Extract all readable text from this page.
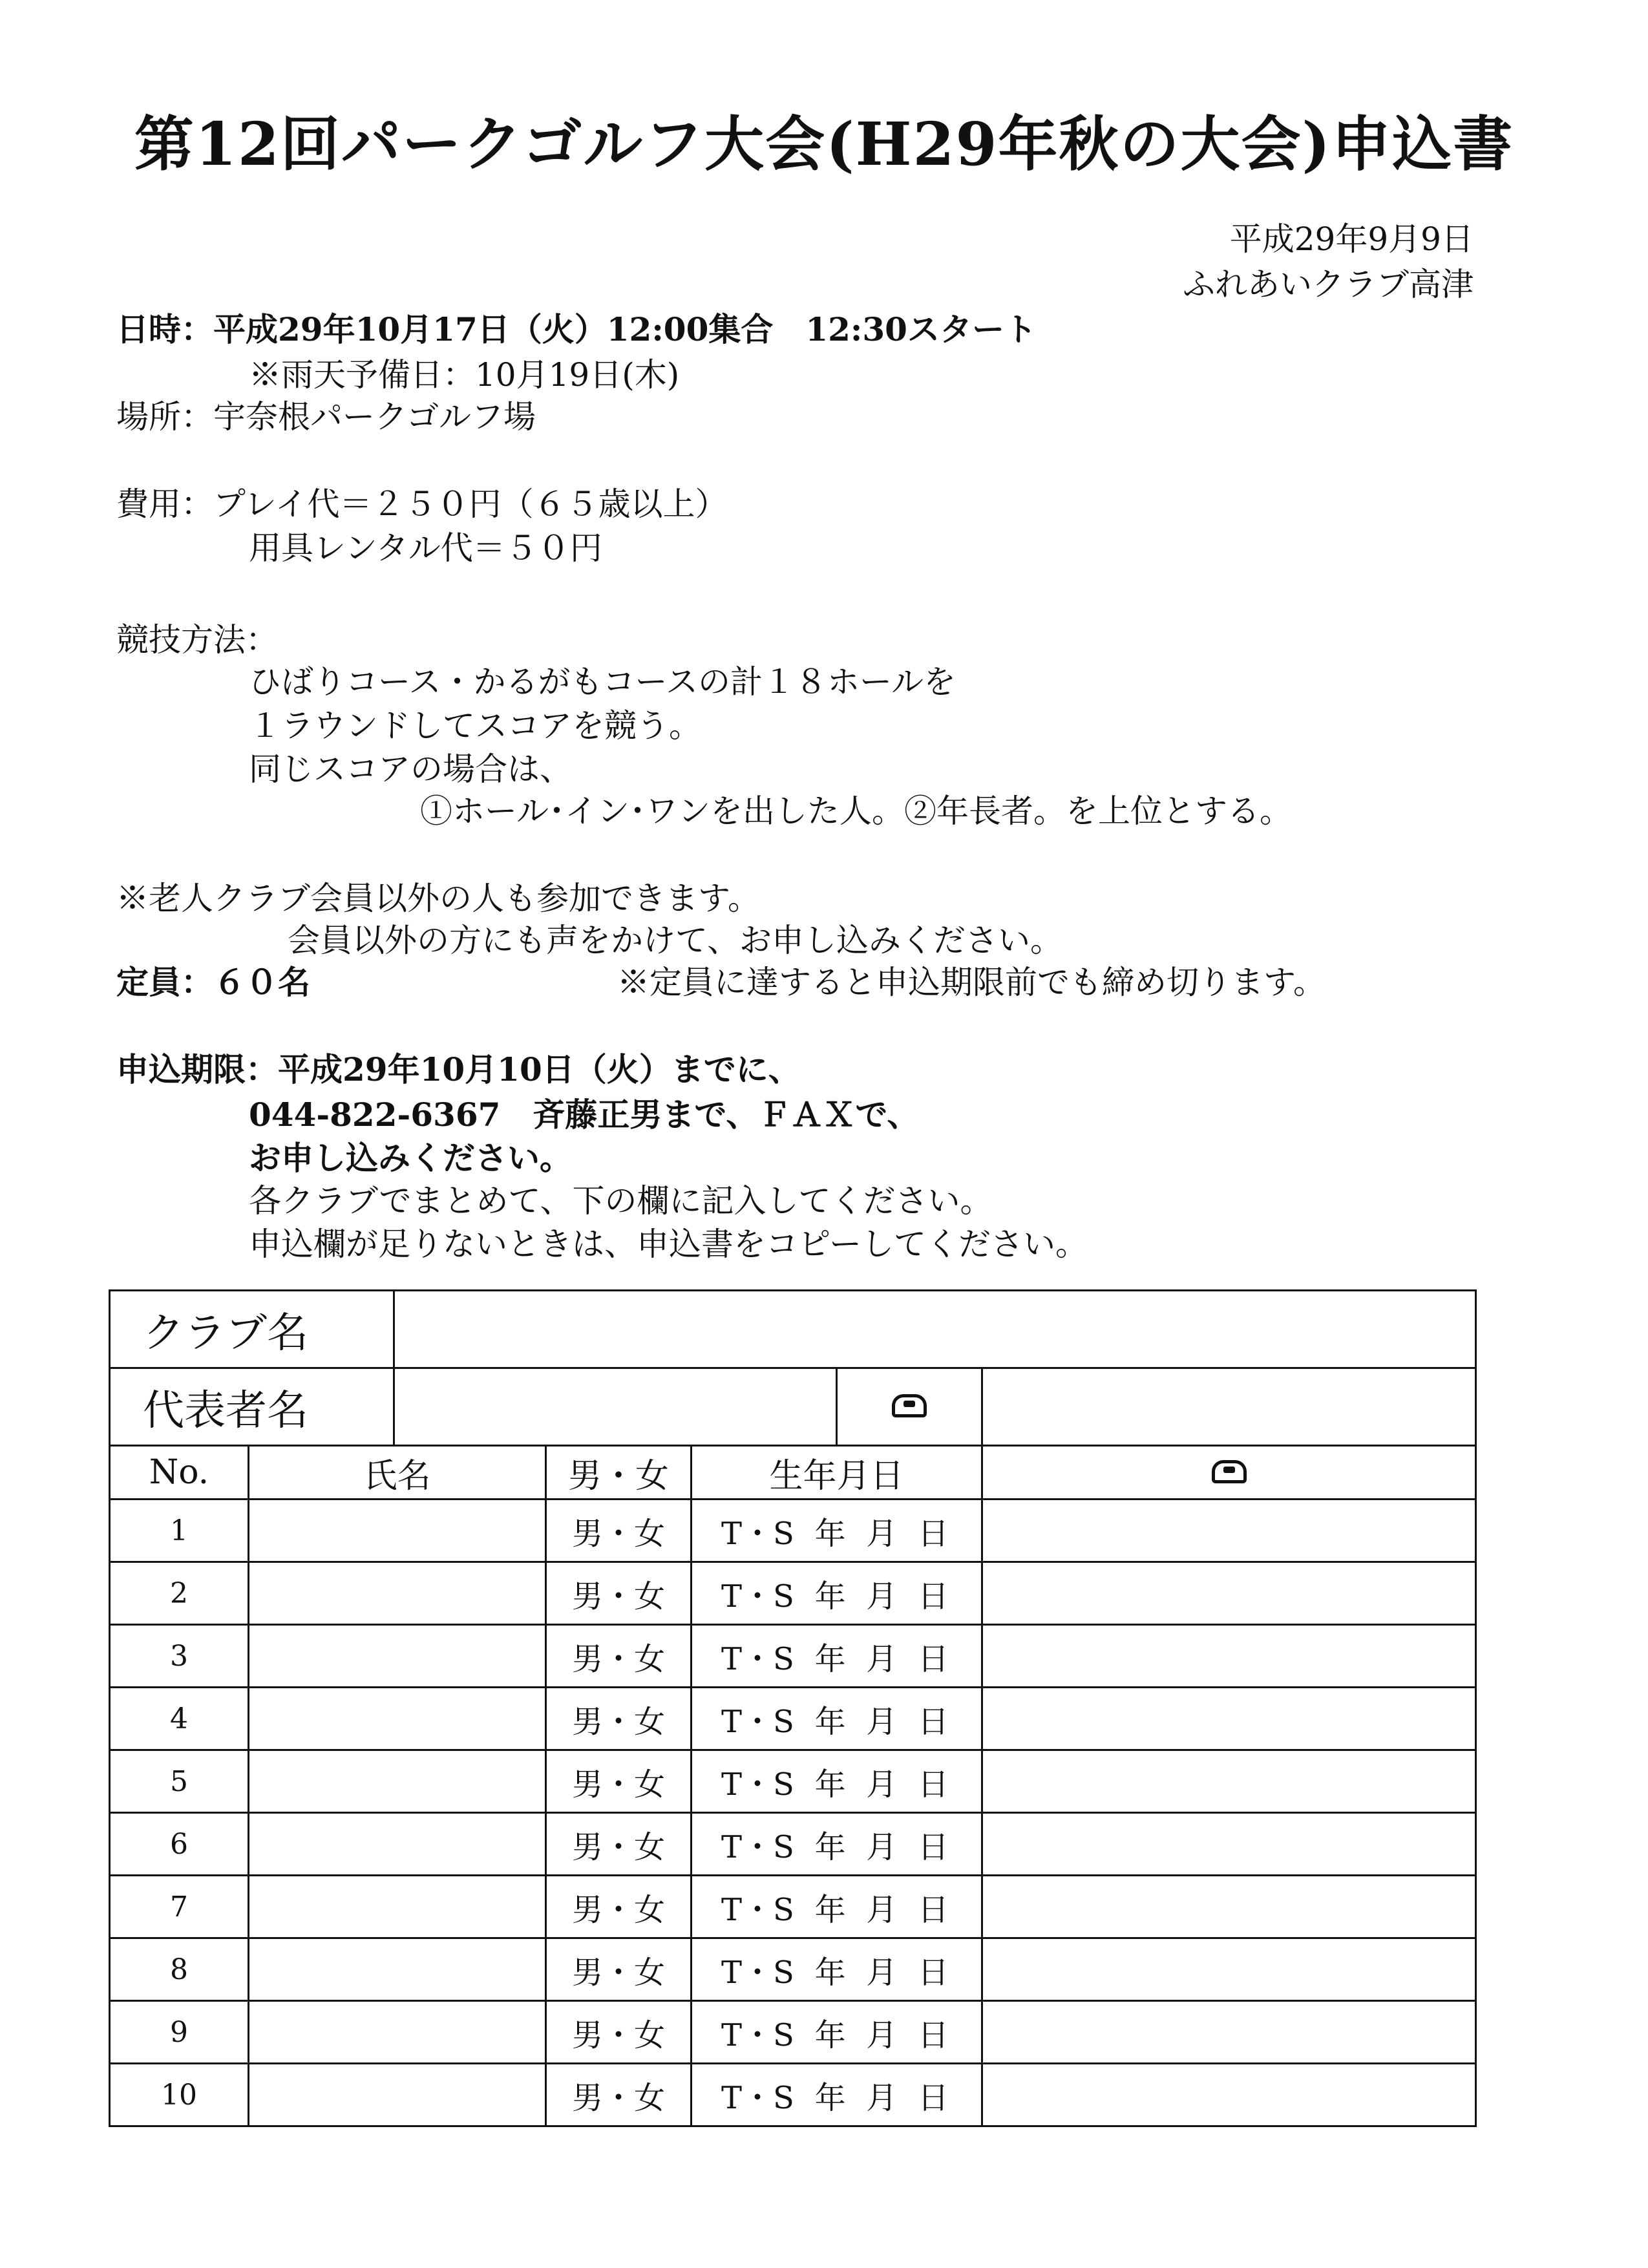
第12回パークゴルフ大会(H29年秋の大会)申込書
平成29年9月9日
ふれあいクラブ高津
日時：平成29年10月17日（火）12:00集合　12:30スタート
※雨天予備日：10月19日(木)
場所：宇奈根パークゴルフ場
費用：プレイ代＝２５０円（６５歳以上）
用具レンタル代＝５０円
競技方法：
ひばりコース・かるがもコースの計１８ホールを
１ラウンドしてスコアを競う。
同じスコアの場合は、
①ホール･イン･ワンを出した人。②年長者。を上位とする。
※老人クラブ会員以外の人も参加できます。
会員以外の方にも声をかけて、お申し込みください。
定員：６０名	※定員に達すると申込期限前でも締め切ります。
申込期限：平成29年10月10日（火）までに、
044-822-6367　斉藤正男まで、ＦＡＸで、
お申し込みください。
各クラブでまとめて、下の欄に記入してください。
申込欄が足りないときは、申込書をコピーしてください。
クラブ名						
代表者名						
No.	氏名		男・女	生年月日		
1			男・女	T・S 年 月 日		

2			男・女	T・S 年 月 日		

3			男・女	T・S 年 月 日		

4			男・女	T・S 年 月 日		

5			男・女	T・S 年 月 日		

6			男・女	T・S 年 月 日		

7			男・女	T・S 年 月 日		

8			男・女	T・S 年 月 日		

9			男・女	T・S 年 月 日		

10			男・女	T・S 年 月 日		
